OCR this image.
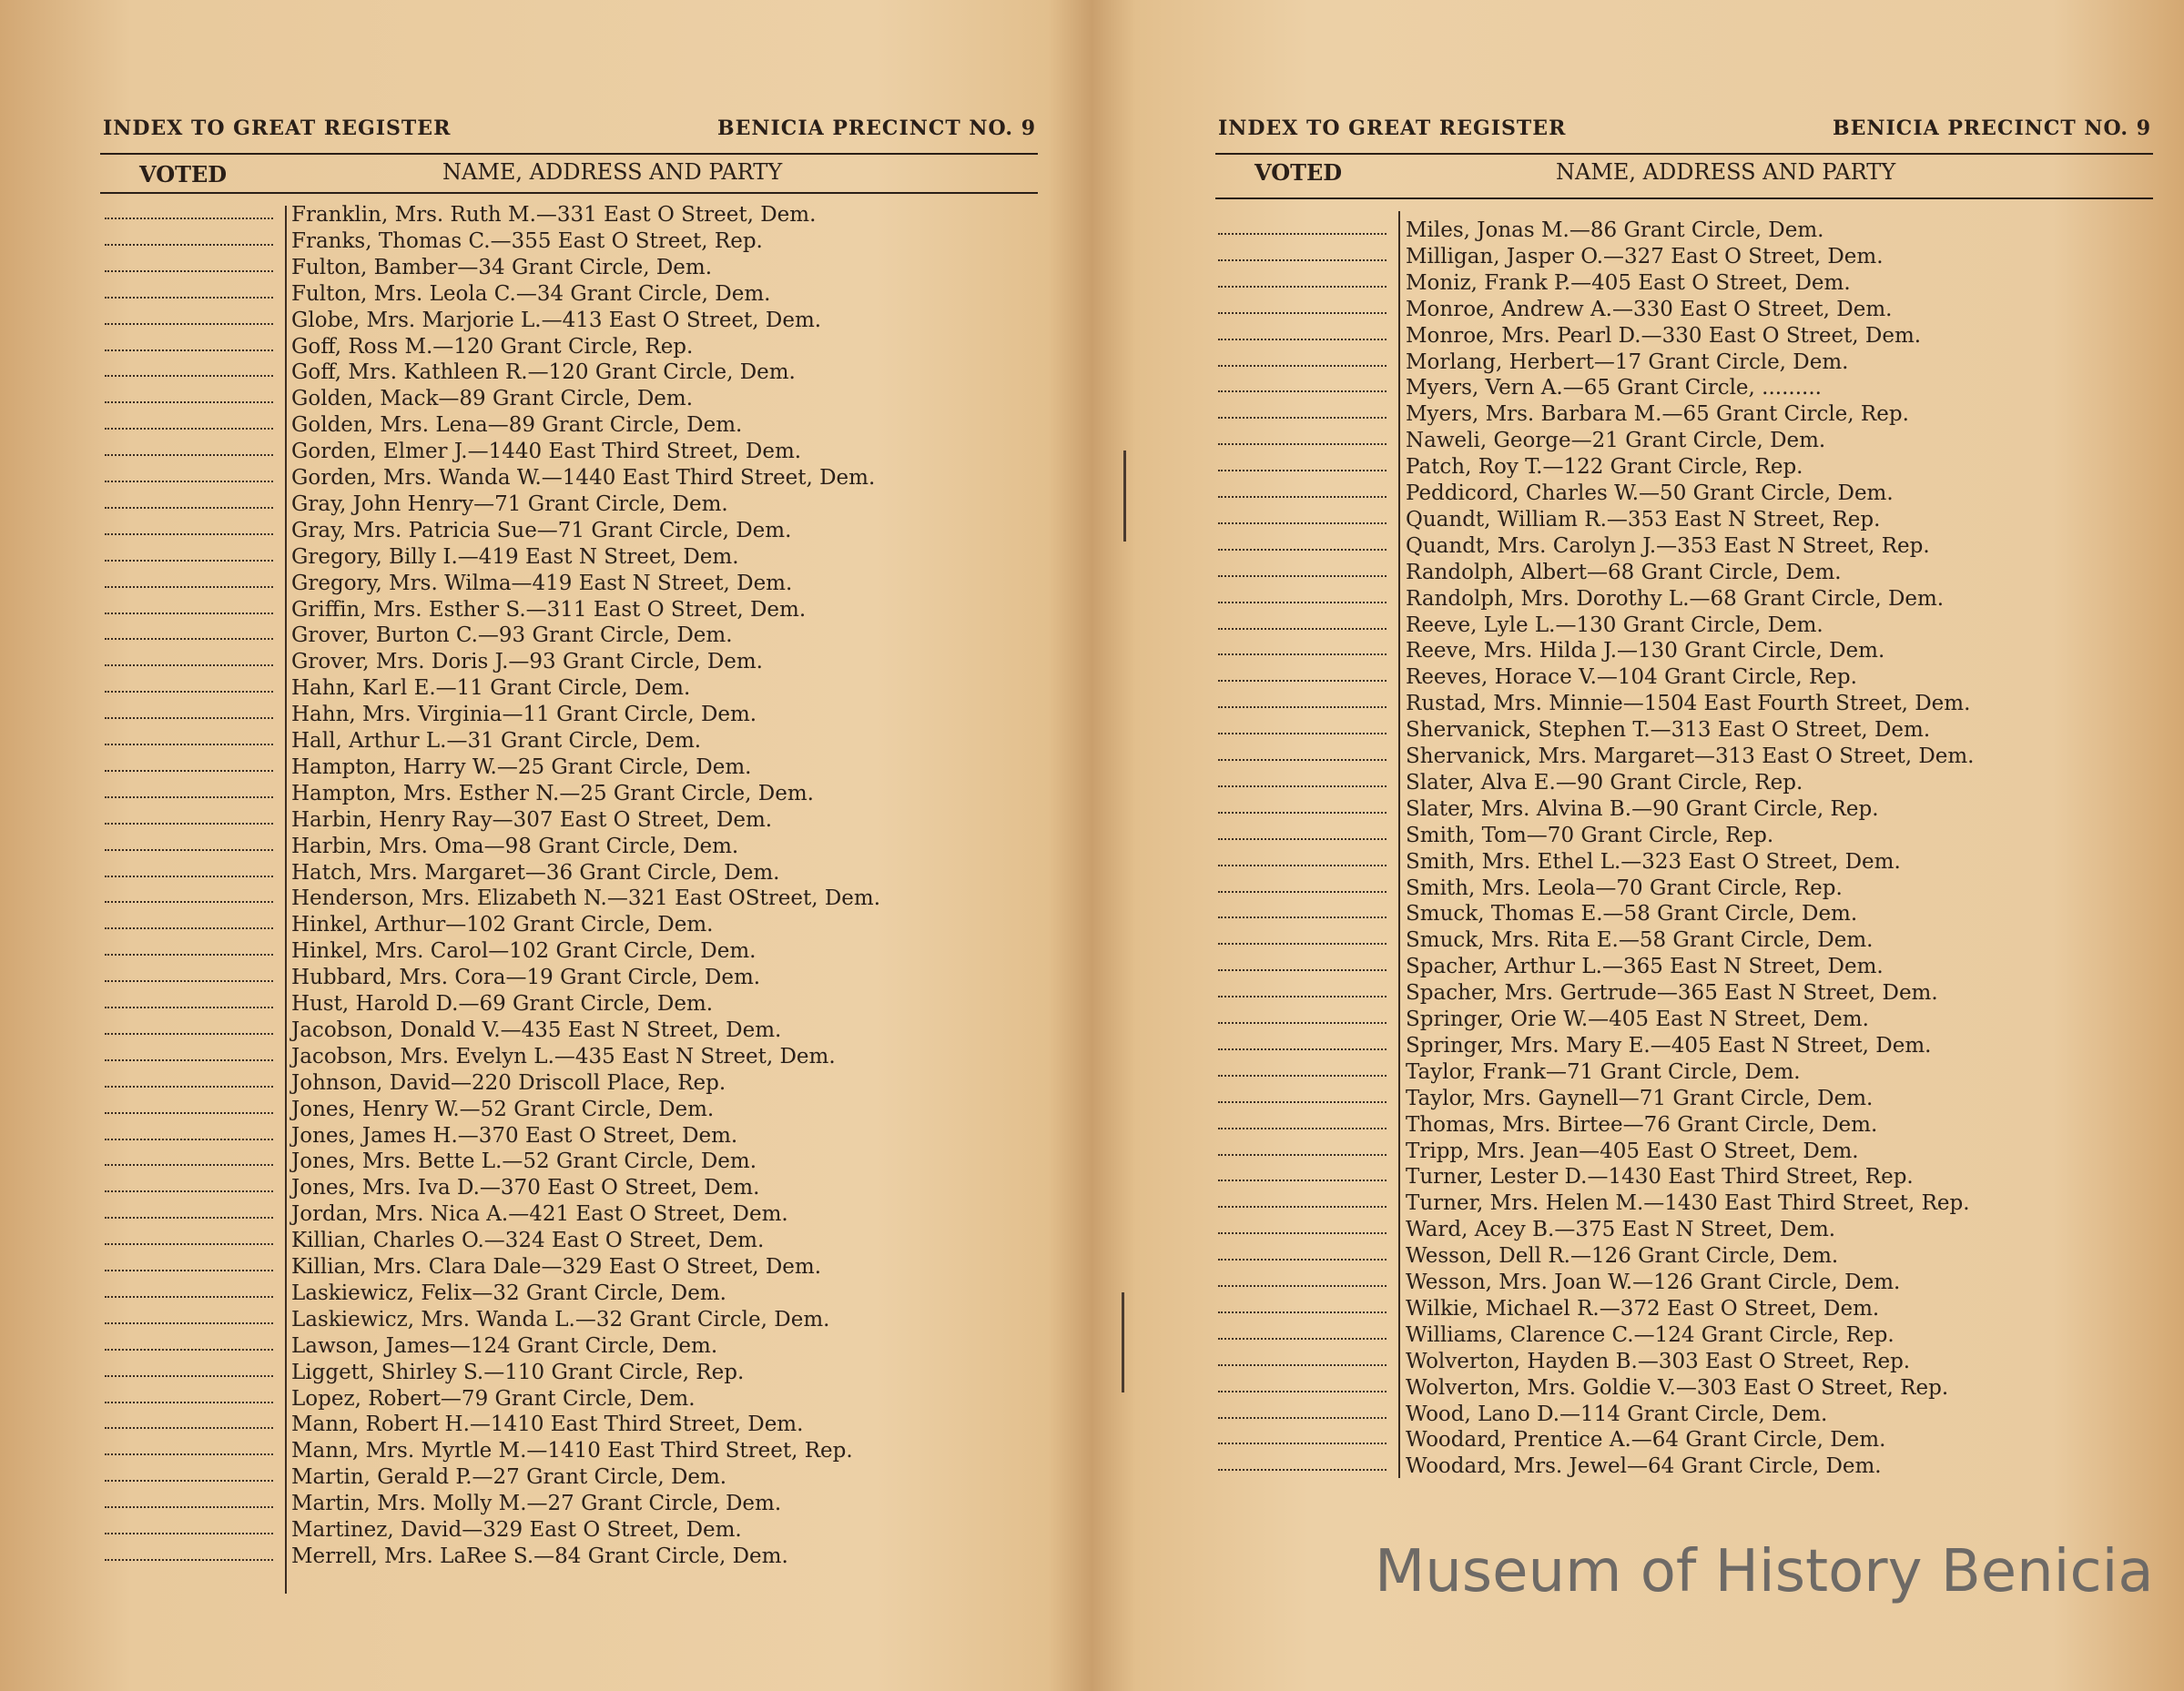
INDEX TO GREAT REGISTER	BENICIA PRECINCT NO. 9
VOTED	NAME, ADDRESS AND PARTY
Franklin, Mrs. Ruth M.—331 East O Street, Dem.
Franks, Thomas C.—355 East O Street, Rep.
Fulton, Bamber—34 Grant Circle, Dem.
Fulton, Mrs. Leola C.—34 Grant Circle, Dem.
Globe, Mrs. Marjorie L.—413 East O Street, Dem.
Goff, Ross M.—120 Grant Circle, Rep.
Goff, Mrs. Kathleen R.—120 Grant Circle, Dem.
Golden, Mack—89 Grant Circle, Dem.
Golden, Mrs. Lena—89 Grant Circle, Dem.
Gorden, Elmer J.—1440 East Third Street, Dem.
Gorden, Mrs. Wanda W.—1440 East Third Street, Dem.
Gray, John Henry—71 Grant Circle, Dem.
Gray, Mrs. Patricia Sue—71 Grant Circle, Dem.
Gregory, Billy I.—419 East N Street, Dem.
Gregory, Mrs. Wilma—419 East N Street, Dem.
Griffin, Mrs. Esther S.—311 East O Street, Dem.
Grover, Burton C.—93 Grant Circle, Dem.
Grover, Mrs. Doris J.—93 Grant Circle, Dem.
Hahn, Karl E.—11 Grant Circle, Dem.
Hahn, Mrs. Virginia—11 Grant Circle, Dem.
Hall, Arthur L.—31 Grant Circle, Dem.
Hampton, Harry W.—25 Grant Circle, Dem.
Hampton, Mrs. Esther N.—25 Grant Circle, Dem.
Harbin, Henry Ray—307 East O Street, Dem.
Harbin, Mrs. Oma—98 Grant Circle, Dem.
Hatch, Mrs. Margaret—36 Grant Circle, Dem.
Henderson, Mrs. Elizabeth N.—321 East OStreet, Dem.
Hinkel, Arthur—102 Grant Circle, Dem.
Hinkel, Mrs. Carol—102 Grant Circle, Dem.
Hubbard, Mrs. Cora—19 Grant Circle, Dem.
Hust, Harold D.—69 Grant Circle, Dem.
Jacobson, Donald V.—435 East N Street, Dem.
Jacobson, Mrs. Evelyn L.—435 East N Street, Dem.
Johnson, David—220 Driscoll Place, Rep.
Jones, Henry W.—52 Grant Circle, Dem.
Jones, James H.—370 East O Street, Dem.
Jones, Mrs. Bette L.—52 Grant Circle, Dem.
Jones, Mrs. Iva D.—370 East O Street, Dem.
Jordan, Mrs. Nica A.—421 East O Street, Dem.
Killian, Charles O.—324 East O Street, Dem.
Killian, Mrs. Clara Dale—329 East O Street, Dem.
Laskiewicz, Felix—32 Grant Circle, Dem.
Laskiewicz, Mrs. Wanda L.—32 Grant Circle, Dem.
Lawson, James—124 Grant Circle, Dem.
Liggett, Shirley S.—110 Grant Circle, Rep.
Lopez, Robert—79 Grant Circle, Dem.
Mann, Robert H.—1410 East Third Street, Dem.
Mann, Mrs. Myrtle M.—1410 East Third Street, Rep.
Martin, Gerald P.—27 Grant Circle, Dem.
Martin, Mrs. Molly M.—27 Grant Circle, Dem.
Martinez, David—329 East O Street, Dem.
Merrell, Mrs. LaRee S.—84 Grant Circle, Dem.
INDEX TO GREAT REGISTER	BENICIA PRECINCT NO. 9
VOTED	NAME, ADDRESS AND PARTY
Miles, Jonas M.—86 Grant Circle, Dem.
Milligan, Jasper O.—327 East O Street, Dem.
Moniz, Frank P.—405 East O Street, Dem.
Monroe, Andrew A.—330 East O Street, Dem.
Monroe, Mrs. Pearl D.—330 East O Street, Dem.
Morlang, Herbert—17 Grant Circle, Dem.
Myers, Vern A.—65 Grant Circle, .........
Myers, Mrs. Barbara M.—65 Grant Circle, Rep.
Naweli, George—21 Grant Circle, Dem.
Patch, Roy T.—122 Grant Circle, Rep.
Peddicord, Charles W.—50 Grant Circle, Dem.
Quandt, William R.—353 East N Street, Rep.
Quandt, Mrs. Carolyn J.—353 East N Street, Rep.
Randolph, Albert—68 Grant Circle, Dem.
Randolph, Mrs. Dorothy L.—68 Grant Circle, Dem.
Reeve, Lyle L.—130 Grant Circle, Dem.
Reeve, Mrs. Hilda J.—130 Grant Circle, Dem.
Reeves, Horace V.—104 Grant Circle, Rep.
Rustad, Mrs. Minnie—1504 East Fourth Street, Dem.
Shervanick, Stephen T.—313 East O Street, Dem.
Shervanick, Mrs. Margaret—313 East O Street, Dem.
Slater, Alva E.—90 Grant Circle, Rep.
Slater, Mrs. Alvina B.—90 Grant Circle, Rep.
Smith, Tom—70 Grant Circle, Rep.
Smith, Mrs. Ethel L.—323 East O Street, Dem.
Smith, Mrs. Leola—70 Grant Circle, Rep.
Smuck, Thomas E.—58 Grant Circle, Dem.
Smuck, Mrs. Rita E.—58 Grant Circle, Dem.
Spacher, Arthur L.—365 East N Street, Dem.
Spacher, Mrs. Gertrude—365 East N Street, Dem.
Springer, Orie W.—405 East N Street, Dem.
Springer, Mrs. Mary E.—405 East N Street, Dem.
Taylor, Frank—71 Grant Circle, Dem.
Taylor, Mrs. Gaynell—71 Grant Circle, Dem.
Thomas, Mrs. Birtee—76 Grant Circle, Dem.
Tripp, Mrs. Jean—405 East O Street, Dem.
Turner, Lester D.—1430 East Third Street, Rep.
Turner, Mrs. Helen M.—1430 East Third Street, Rep.
Ward, Acey B.—375 East N Street, Dem.
Wesson, Dell R.—126 Grant Circle, Dem.
Wesson, Mrs. Joan W.—126 Grant Circle, Dem.
Wilkie, Michael R.—372 East O Street, Dem.
Williams, Clarence C.—124 Grant Circle, Rep.
Wolverton, Hayden B.—303 East O Street, Rep.
Wolverton, Mrs. Goldie V.—303 East O Street, Rep.
Wood, Lano D.—114 Grant Circle, Dem.
Woodard, Prentice A.—64 Grant Circle, Dem.
Woodard, Mrs. Jewel—64 Grant Circle, Dem.
Museum of History Benicia
